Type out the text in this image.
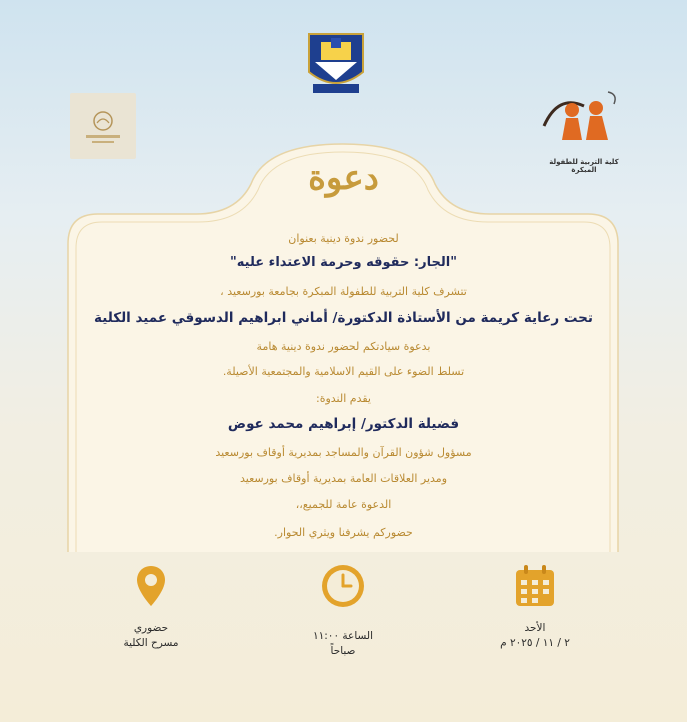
كلية التربية للطفولة المبكرة
دعوة
لحضور ندوة دينية بعنوان
"الجار: حقوقه وحرمة الاعتداء عليه"
تتشرف كلية التربية للطفولة المبكرة بجامعة بورسعيد ،
تحت رعاية كريمة من الأستاذة الدكتورة/ أماني ابراهيم الدسوقي عميد الكلية
بدعوة سيادتكم لحضور ندوة دينية هامة
تسلط الضوء على القيم الاسلامية والمجتمعية الأصيلة.
يقدم الندوة:
فضيلة الدكتور/ إبراهيم محمد عوض
مسؤول شؤون القرآن والمساجد بمديرية أوقاف بورسعيد
ومدير العلاقات العامة بمديرية أوقاف بورسعيد
الدعوة عامة للجميع،،
حضوركم يشرفنا ويثري الحوار.
حضوري
مسرح الكلية
الساعة ١١:٠٠
صباحاً
الأحد
٢ / ١١ / ٢٠٢٥ م
